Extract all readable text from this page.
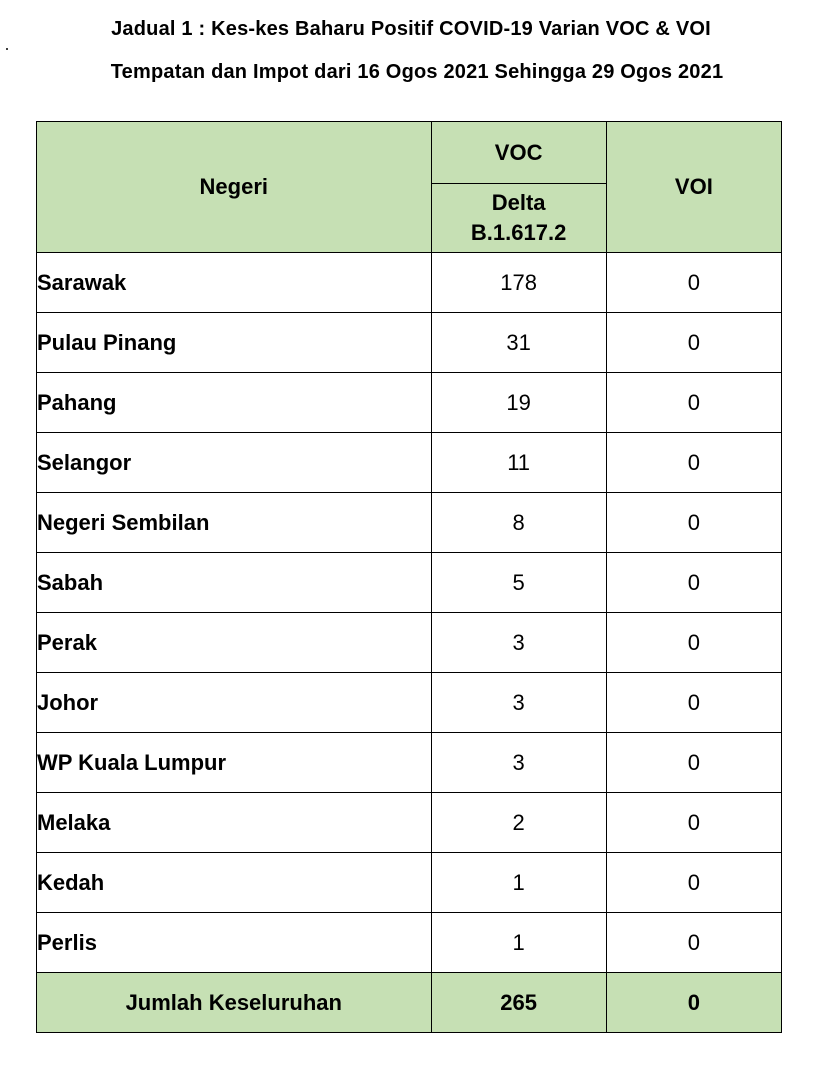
Jadual 1 : Kes-kes Baharu Positif COVID-19 Varian VOC & VOI
Tempatan dan Impot dari 16 Ogos 2021 Sehingga 29 Ogos 2021
Negeri	VOC	VOI
	Delta
B.1.617.2	
Sarawak	178	0
Pulau Pinang	31	0
Pahang	19	0
Selangor	11	0
Negeri Sembilan	8	0
Sabah	5	0
Perak	3	0
Johor	3	0
WP Kuala Lumpur	3	0
Melaka	2	0
Kedah	1	0
Perlis	1	0
Jumlah Keseluruhan	265	0
